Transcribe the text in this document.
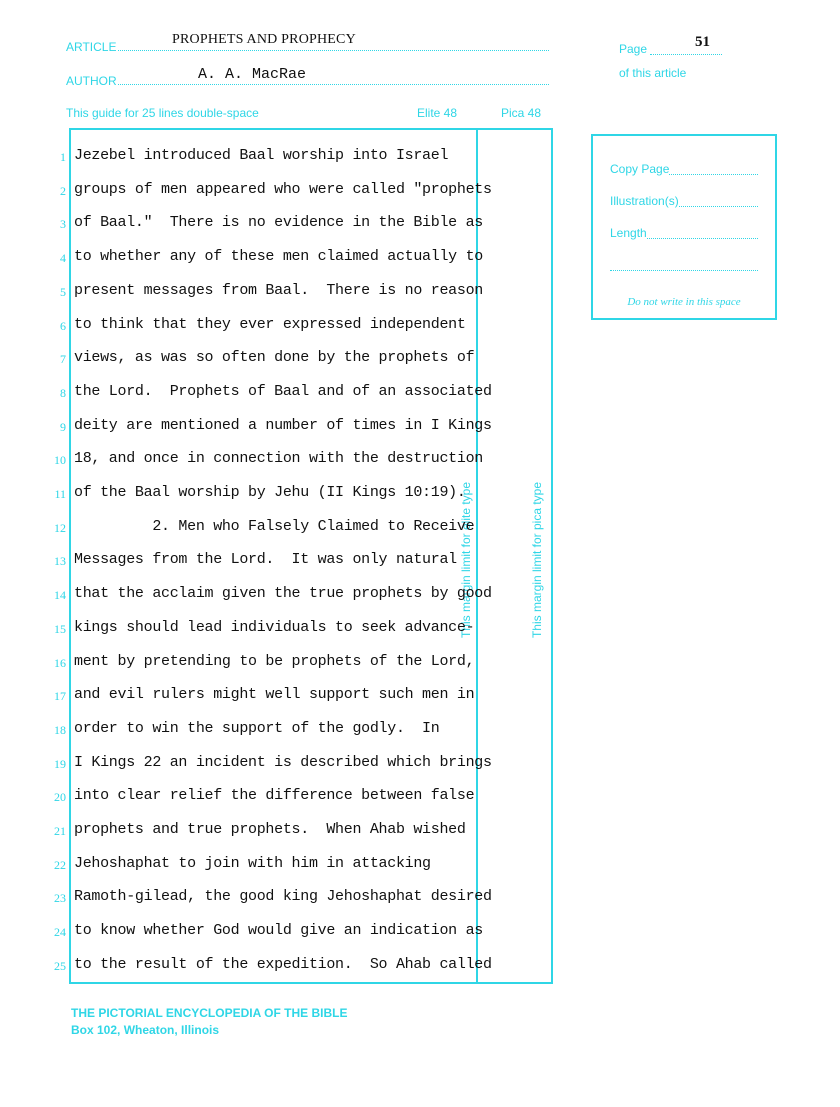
ARTICLE	PROPHETS AND PROPHECY
AUTHOR	A. A. MacRae
This guide for 25 lines double-space	Elite 48	Pica 48
Page	51
of this article
Copy Page
Illustration(s)
Length
Do not write in this space
This margin limit for elite type	This margin limit for pica type
1 Jezebel introduced Baal worship into Israel
2 groups of men appeared who were called "prophets
3 of Baal."  There is no evidence in the Bible as
4 to whether any of these men claimed actually to
5 present messages from Baal.  There is no reason
6 to think that they ever expressed independent
7 views, as was so often done by the prophets of
8 the Lord.  Prophets of Baal and of an associated
9 deity are mentioned a number of times in I Kings
10 18, and once in connection with the destruction
11 of the Baal worship by Jehu (II Kings 10:19).
12 2. Men who Falsely Claimed to Receive
13 Messages from the Lord.  It was only natural
14 that the acclaim given the true prophets by good
15 kings should lead individuals to seek advance-
16 ment by pretending to be prophets of the Lord,
17 and evil rulers might well support such men in
18 order to win the support of the godly.  In
19 I Kings 22 an incident is described which brings
20 into clear relief the difference between false
21 prophets and true prophets.  When Ahab wished
22 Jehoshaphat to join with him in attacking
23 Ramoth-gilead, the good king Jehoshaphat desired
24 to know whether God would give an indication as
25 to the result of the expedition.  So Ahab called
THE PICTORIAL ENCYCLOPEDIA OF THE BIBLE
Box 102, Wheaton, Illinois
